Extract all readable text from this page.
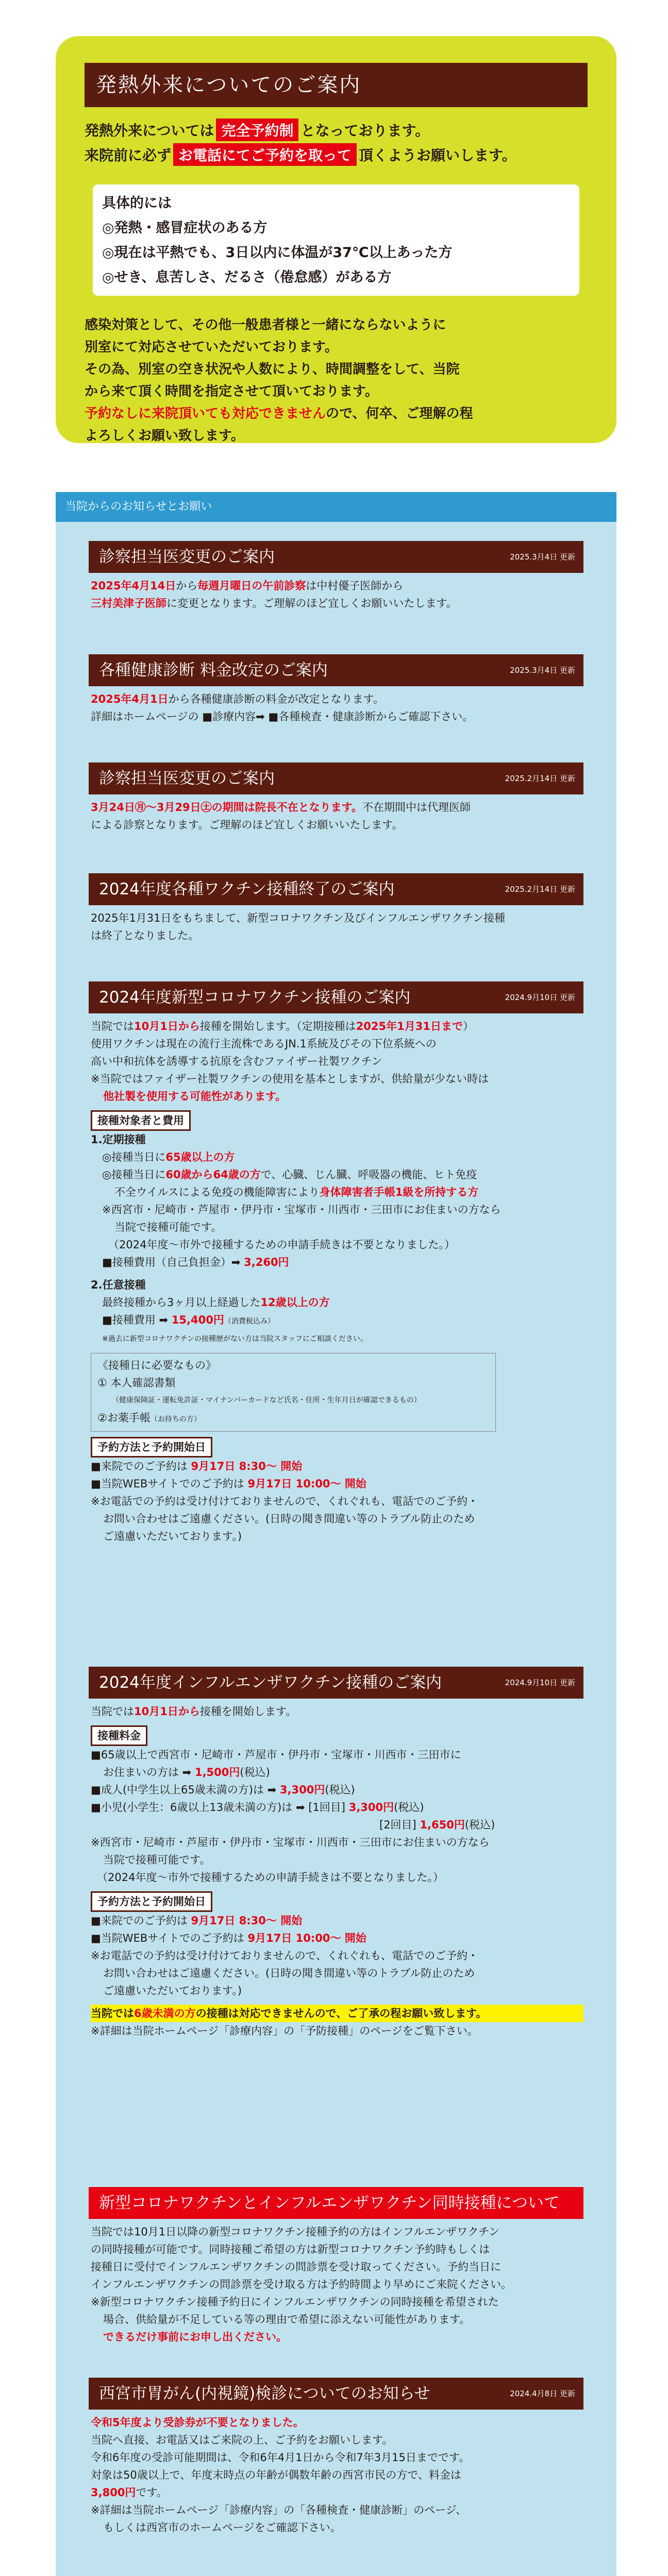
発熱外来についてのご案内
発熱外来については 完全予約制 となっております。
来院前に必ず お電話にてご予約を取って 頂くようお願いします。
具体的には
◎発熱・感冒症状のある方
◎現在は平熱でも、3日以内に体温が37℃以上あった方
◎せき、息苦しさ、だるさ（倦怠感）がある方
感染対策として、その他一般患者様と一緒にならないように
別室にて対応させていただいております。
その為、別室の空き状況や人数により、時間調整をして、当院
から来て頂く時間を指定させて頂いております。
予約なしに来院頂いても対応できませんので、何卒、ご理解の程
よろしくお願い致します。
当院からのお知らせとお願い
診察担当医変更のご案内	2025.3月4日 更新

2025年4月14日から毎週月曜日の午前診察は中村優子医師から

三村美津子医師に変更となります。ご理解のほど宜しくお願いいたします。

各種健康診断 料金改定のご案内	2025.3月4日 更新

2025年4月1日から各種健康診断の料金が改定となります。

詳細はホームページの ■診療内容➡ ■各種検査・健康診断からご確認下さい。

診察担当医変更のご案内	2025.2月14日 更新

3月24日㊊～3月29日㊏の期間は院長不在となります。不在期間中は代理医師

による診察となります。ご理解のほど宜しくお願いいたします。

2024年度各種ワクチン接種終了のご案内	2025.2月14日 更新

2025年1月31日をもちまして、新型コロナワクチン及びインフルエンザワクチン接種

は終了となりました。

2024年度新型コロナワクチン接種のご案内	2024.9月10日 更新

当院では10月1日から接種を開始します。（定期接種は2025年1月31日まで）

使用ワクチンは現在の流行主流株であるJN.1系統及びその下位系統への

高い中和抗体を誘導する抗原を含むファイザー社製ワクチン

※当院ではファイザー社製ワクチンの使用を基本としますが、供給量が少ない時は

他社製を使用する可能性があります。

接種対象者と費用

1.定期接種

◎接種当日に65歳以上の方

◎接種当日に60歳から64歳の方で、心臓、じん臓、呼吸器の機能、ヒト免疫

不全ウイルスによる免疫の機能障害により身体障害者手帳1級を所持する方

※西宮市・尼崎市・芦屋市・伊丹市・宝塚市・川西市・三田市にお住まいの方なら

当院で接種可能です。

（2024年度～市外で接種するための申請手続きは不要となりました。）

■接種費用（自己負担金）➡ 3,260円

2.任意接種

最終接種から3ヶ月以上経過した12歳以上の方

■接種費用 ➡ 15,400円（消費税込み）

※過去に新型コロナワクチンの接種歴がない方は当院スタッフにご相談ください。

《接種日に必要なもの》

① 本人確認書類

（健康保険証・運転免許証・マイナンバーカードなど氏名・住所・生年月日が確認できるもの）

②お薬手帳（お持ちの方）

予約方法と予約開始日

■来院でのご予約は 9月17日 8:30～ 開始

■当院WEBサイトでのご予約は 9月17日 10:00～ 開始

※お電話での予約は受け付けておりませんので、くれぐれも、電話でのご予約・

お問い合わせはご遠慮ください。(日時の聞き間違い等のトラブル防止のため

ご遠慮いただいております。)

2024年度インフルエンザワクチン接種のご案内	2024.9月10日 更新

当院では10月1日から接種を開始します。

接種料金

■65歳以上で西宮市・尼崎市・芦屋市・伊丹市・宝塚市・川西市・三田市に

お住まいの方は ➡ 1,500円(税込)

■成人(中学生以上65歳未満の方)は ➡ 3,300円(税込)

■小児(小学生：6歳以上13歳未満の方)は ➡ [1回目] 3,300円(税込)

[2回目] 1,650円(税込)

※西宮市・尼崎市・芦屋市・伊丹市・宝塚市・川西市・三田市にお住まいの方なら

当院で接種可能です。

（2024年度～市外で接種するための申請手続きは不要となりました。）

予約方法と予約開始日

■来院でのご予約は 9月17日 8:30～ 開始

■当院WEBサイトでのご予約は 9月17日 10:00～ 開始

※お電話での予約は受け付けておりませんので、くれぐれも、電話でのご予約・

お問い合わせはご遠慮ください。(日時の聞き間違い等のトラブル防止のため

ご遠慮いただいております。)

当院では6歳未満の方の接種は対応できませんので、ご了承の程お願い致します。

※詳細は当院ホームページ「診療内容」の「予防接種」のページをご覧下さい。

新型コロナワクチンとインフルエンザワクチン同時接種について

当院では10月1日以降の新型コロナワクチン接種予約の方はインフルエンザワクチン

の同時接種が可能です。同時接種ご希望の方は新型コロナワクチン予約時もしくは

接種日に受付でインフルエンザワクチンの問診票を受け取ってください。予約当日に

インフルエンザワクチンの問診票を受け取る方は予約時間より早めにご来院ください。

※新型コロナワクチン接種予約日にインフルエンザワクチンの同時接種を希望された

場合、供給量が不足している等の理由で希望に添えない可能性があります。

できるだけ事前にお申し出ください。

西宮市胃がん(内視鏡)検診についてのお知らせ	2024.4月8日 更新

令和5年度より受診券が不要となりました。

当院へ直接、お電話又はご来院の上、ご予約をお願いします。

令和6年度の受診可能期間は、令和6年4月1日から令和7年3月15日までです。

対象は50歳以上で、年度末時点の年齢が偶数年齢の西宮市民の方で、料金は

3,800円です。

※詳細は当院ホームページ「診療内容」の「各種検査・健康診断」のページ、

もしくは西宮市のホームページをご確認下さい。
